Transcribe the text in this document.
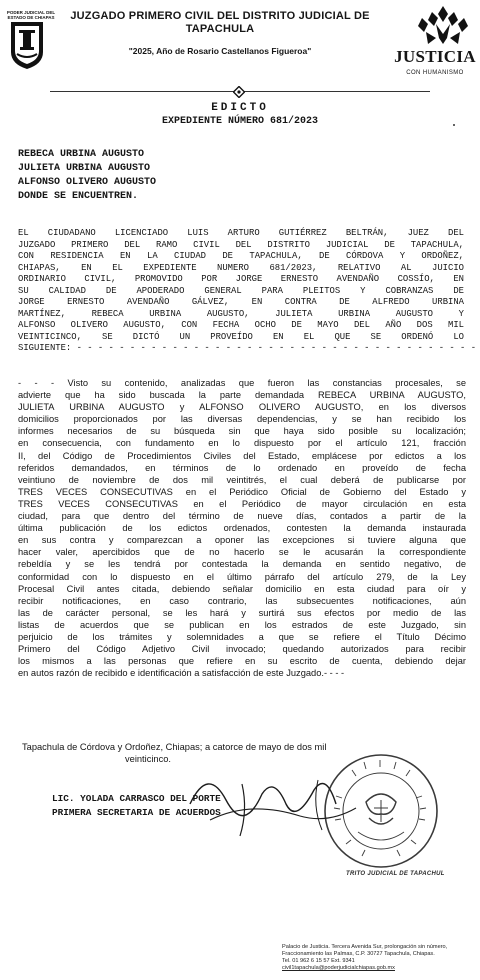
PODER JUDICIAL DEL ESTADO DE CHIAPAS	JUZGADO PRIMERO CIVIL DEL DISTRITO JUDICIAL DE
TAPACHULA
"2025, Año de Rosario Castellanos Figueroa"	JUSTICIA
CON HUMANISMO
EDICTO
EXPEDIENTE NÚMERO 681/2023
REBECA URBINA AUGUSTO
JULIETA URBINA AUGUSTO
ALFONSO OLIVERO AUGUSTO
DONDE SE ENCUENTREN.
EL CIUDADANO LICENCIADO LUIS ARTURO GUTIÉRREZ BELTRÁN, JUEZ DEL
JUZGADO PRIMERO DEL RAMO CIVIL DEL DISTRITO JUDICIAL DE TAPACHULA,
CON RESIDENCIA EN LA CIUDAD DE TAPACHULA, DE CÓRDOVA Y ORDOÑEZ,
CHIAPAS, EN EL EXPEDIENTE NUMERO 681/2023, RELATIVO AL JUICIO
ORDINARIO CIVIL, PROMOVIDO POR JORGE ERNESTO AVENDAÑO COSSÍO, EN
SU CALIDAD DE APODERADO GENERAL PARA PLEITOS Y COBRANZAS DE
JORGE ERNESTO AVENDAÑO GÁLVEZ, EN CONTRA DE ALFREDO URBINA
MARTÍNEZ, REBECA URBINA AUGUSTO, JULIETA URBINA AUGUSTO Y
ALFONSO OLIVERO AUGUSTO, CON FECHA OCHO DE MAYO DEL AÑO DOS MIL
VEINTICINCO, SE DICTÓ UN PROVEÍDO EN EL QUE SE ORDENÓ LO
SIGUIENTE: - - - - - - - - - - - - - - - - - - - - - - - - - - - - - - - - - - - - - -
- - - Visto su contenido, analizadas que fueron las constancias procesales, se
advierte que ha sido buscada la parte demandada REBECA URBINA AUGUSTO,
JULIETA URBINA AUGUSTO y ALFONSO OLIVERO AUGUSTO, en los diversos
domicilios proporcionados por las diversas dependencias, y se han recibido los
informes necesarios de su búsqueda sin que haya sido posible su localización;
en consecuencia, con fundamento en lo dispuesto por el artículo 121, fracción
II, del Código de Procedimientos Civiles del Estado, emplácese por edictos a los
referidos demandados, en términos de lo ordenado en proveído de fecha
veintiuno de noviembre de dos mil veintitrés, el cual deberá de publicarse por
TRES VECES CONSECUTIVAS en el Periódico Oficial de Gobierno del Estado y
TRES VECES CONSECUTIVAS en el Periódico de mayor circulación en esta
ciudad, para que dentro del término de nueve días, contados a partir de la
última publicación de los edictos ordenados, contesten la demanda instaurada
en sus contra y comparezcan a oponer las excepciones si tuviere alguna que
hacer valer, apercibidos que de no hacerlo se le acusarán la correspondiente
rebeldía y se les tendrá por contestada la demanda en sentido negativo, de
conformidad con lo dispuesto en el último párrafo del artículo 279, de la Ley
Procesal Civil antes citada, debiendo señalar domicilio en esta ciudad para oír y
recibir notificaciones, en caso contrario, las subsecuentes notificaciones, aún
las de carácter personal, se les hará y surtirá sus efectos por medio de las
listas de acuerdos que se publican en los estrados de este Juzgado, sin
perjuicio de los trámites y solemnidades a que se refiere el Título Décimo
Primero del Código Adjetivo Civil invocado; quedando autorizados para recibir
los mismos a las personas que refiere en su escrito de cuenta, debiendo dejar
en autos razón de recibido e identificación a satisfacción de este Juzgado.- - - -
Tapachula de Córdova y Ordoñez, Chiapas; a catorce de mayo de dos mil
veinticinco.
LIC. YOLADA CARRASCO DEL PORTE
PRIMERA SECRETARIA DE ACUERDOS
TRITO JUDICIAL DE TAPACHUL
Palacio de Justicia. Tercera Avenida Sur, prolongación sin número,
Fraccionamiento las Palmas, C.P. 30727 Tapachula, Chiapas.
Tel. 01 962 6 15 57 Ext. 9341
civil1tapachula@poderjudicialchiapas.gob.mx
